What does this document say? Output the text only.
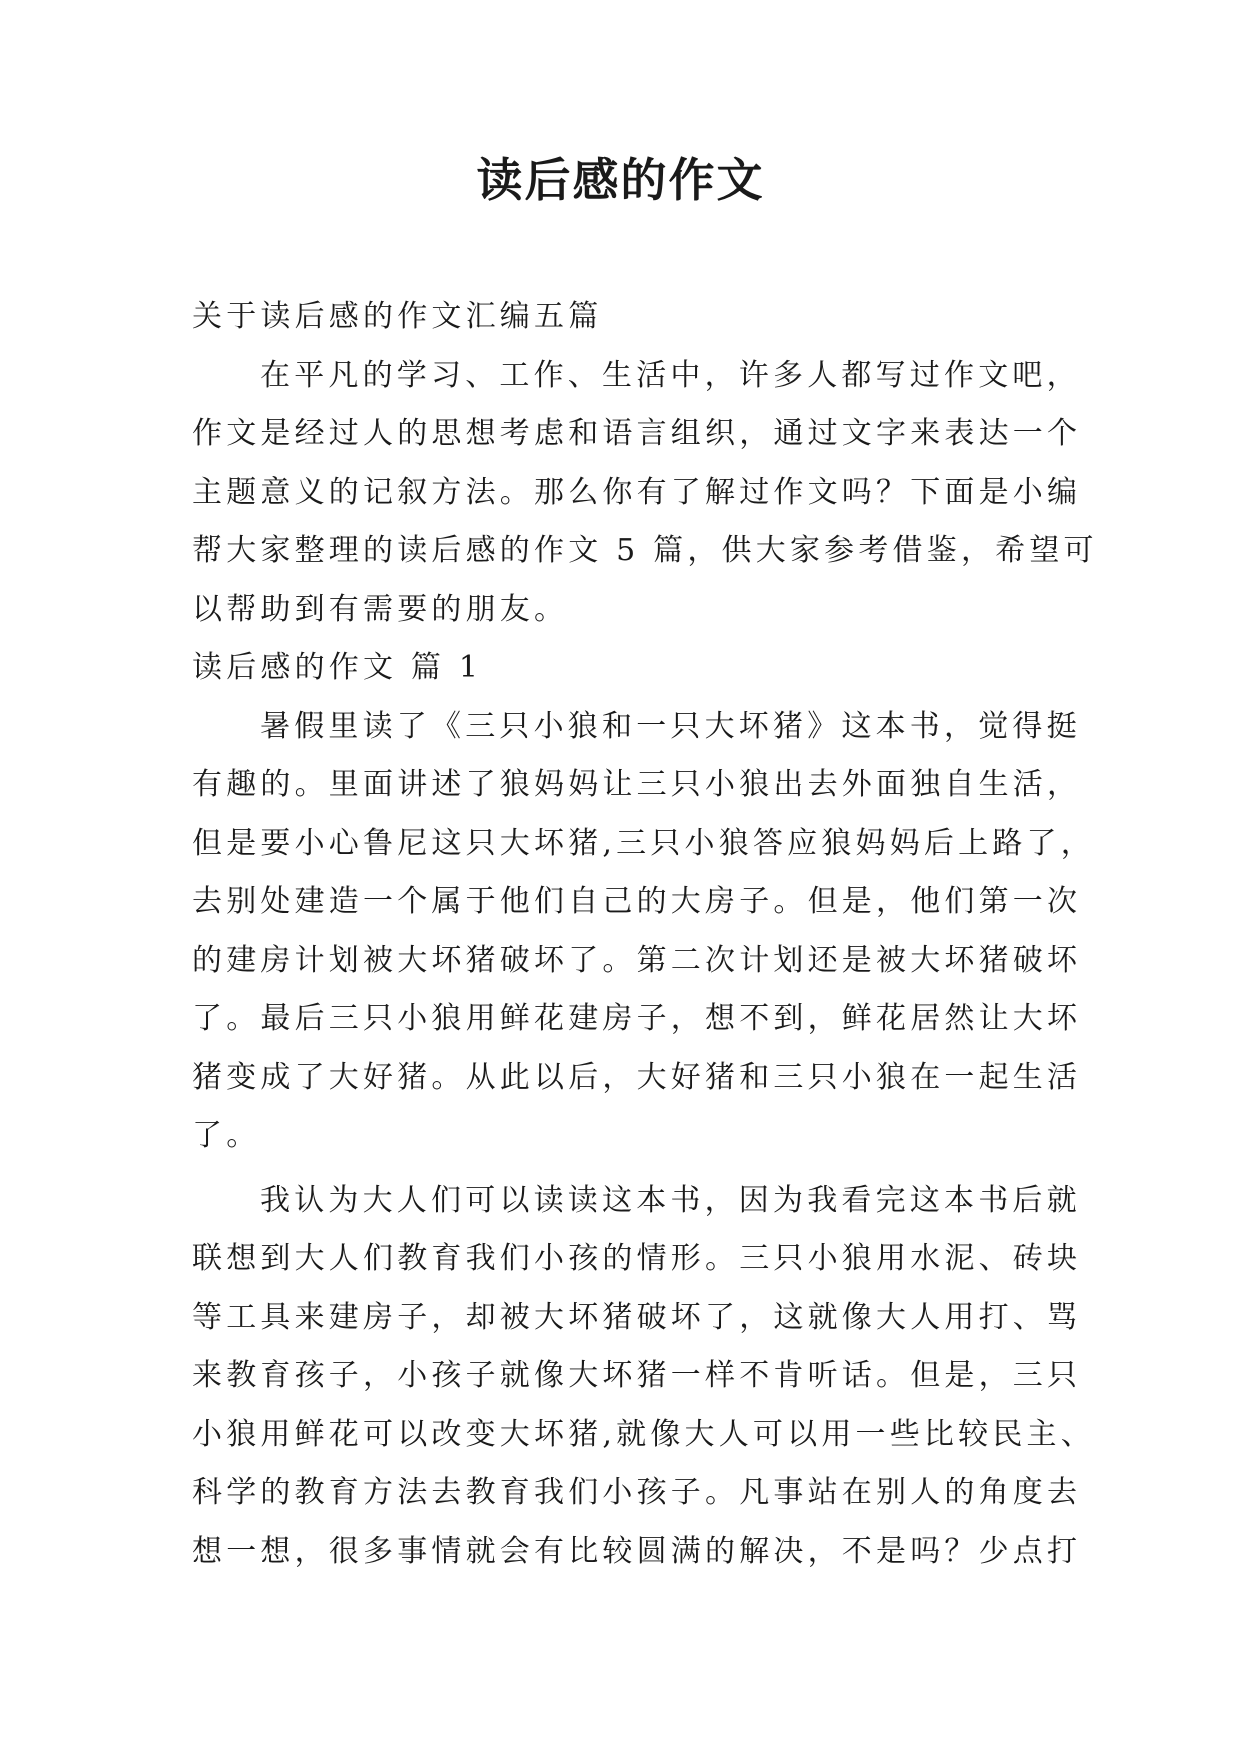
读后感的作文
关于读后感的作文汇编五篇
在平凡的学习、工作、生活中，许多人都写过作文吧，
作文是经过人的思想考虑和语言组织，通过文字来表达一个
主题意义的记叙方法。那么你有了解过作文吗？下面是小编
帮大家整理的读后感的作文 5 篇，供大家参考借鉴，希望可
以帮助到有需要的朋友。
读后感的作文 篇 1
暑假里读了《三只小狼和一只大坏猪》这本书，觉得挺
有趣的。里面讲述了狼妈妈让三只小狼出去外面独自生活，
但是要小心鲁尼这只大坏猪,三只小狼答应狼妈妈后上路了，
去别处建造一个属于他们自己的大房子。但是，他们第一次
的建房计划被大坏猪破坏了。第二次计划还是被大坏猪破坏
了。最后三只小狼用鲜花建房子，想不到，鲜花居然让大坏
猪变成了大好猪。从此以后，大好猪和三只小狼在一起生活
了。
我认为大人们可以读读这本书，因为我看完这本书后就
联想到大人们教育我们小孩的情形。三只小狼用水泥、砖块
等工具来建房子，却被大坏猪破坏了，这就像大人用打、骂
来教育孩子，小孩子就像大坏猪一样不肯听话。但是，三只
小狼用鲜花可以改变大坏猪,就像大人可以用一些比较民主、
科学的教育方法去教育我们小孩子。凡事站在别人的角度去
想一想，很多事情就会有比较圆满的解决，不是吗？少点打
